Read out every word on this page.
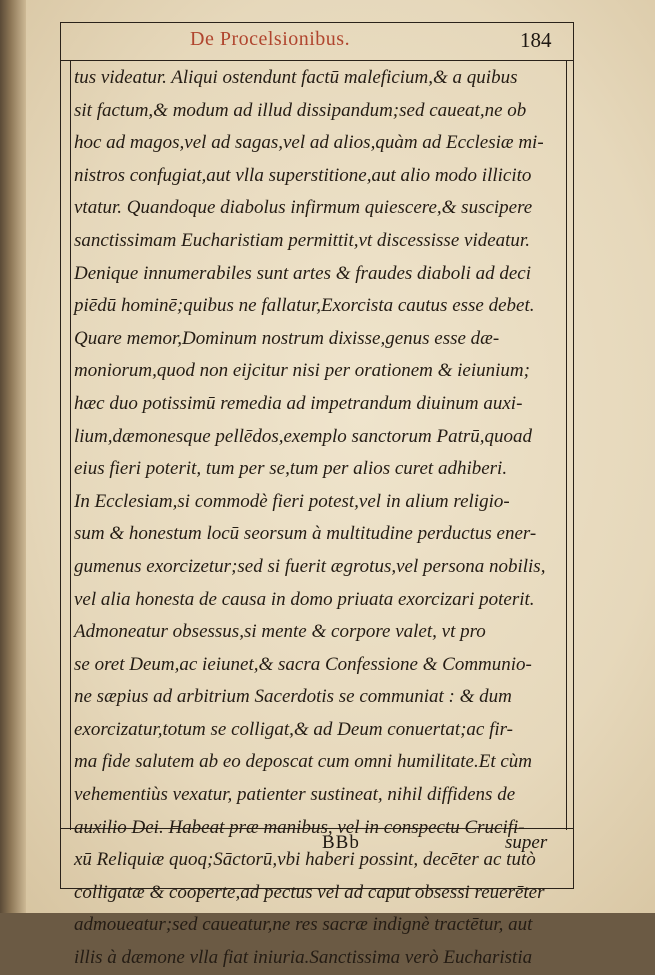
De Procelsionibus.	184
tus videatur. Aliqui ostendunt factū maleficium,& a quibus
sit factum,& modum ad illud dissipandum;sed caueat,ne ob
hoc ad magos,vel ad sagas,vel ad alios,quàm ad Ecclesiæ mi-
nistros confugiat,aut vlla superstitione,aut alio modo illicito
vtatur. Quandoque diabolus infirmum quiescere,& suscipere
sanctissimam Eucharistiam permittit,vt discessisse videatur.
Denique innumerabiles sunt artes & fraudes diaboli ad deci
piēdū hominē;quibus ne fallatur,Exorcista cautus esse debet.
Quare memor,Dominum nostrum dixisse,genus esse dæ-
moniorum,quod non eijcitur nisi per orationem & ieiunium;
hæc duo potissimū remedia ad impetrandum diuinum auxi-
lium,dæmonesque pellēdos,exemplo sanctorum Patrū,quoad
eius fieri poterit, tum per se,tum per alios curet adhiberi.
In Ecclesiam,si commodè fieri potest,vel in alium religio-
sum & honestum locū seorsum à multitudine perductus ener-
gumenus exorcizetur;sed si fuerit ægrotus,vel persona nobilis,
vel alia honesta de causa in domo priuata exorcizari poterit.
Admoneatur obsessus,si mente & corpore valet, vt pro
se oret Deum,ac ieiunet,& sacra Confessione & Communio-
ne sæpius ad arbitrium Sacerdotis se communiat : & dum
exorcizatur,totum se colligat,& ad Deum conuertat;ac fir-
ma fide salutem ab eo deposcat cum omni humilitate.Et cùm
vehementiùs vexatur, patienter sustineat, nihil diffidens de
auxilio Dei. Habeat præ manibus, vel in conspectu Crucifi-
xū Reliquiæ quoq;Sāctorū,vbi haberi possint, decēter ac tutò
colligatæ & cooperte,ad pectus vel ad caput obsessi reuerēter
admoueatur;sed caueatur,ne res sacræ indignè tractētur, aut
illis à dæmone vlla fiat iniuria.Sanctissima verò Eucharistia
BBb	super
